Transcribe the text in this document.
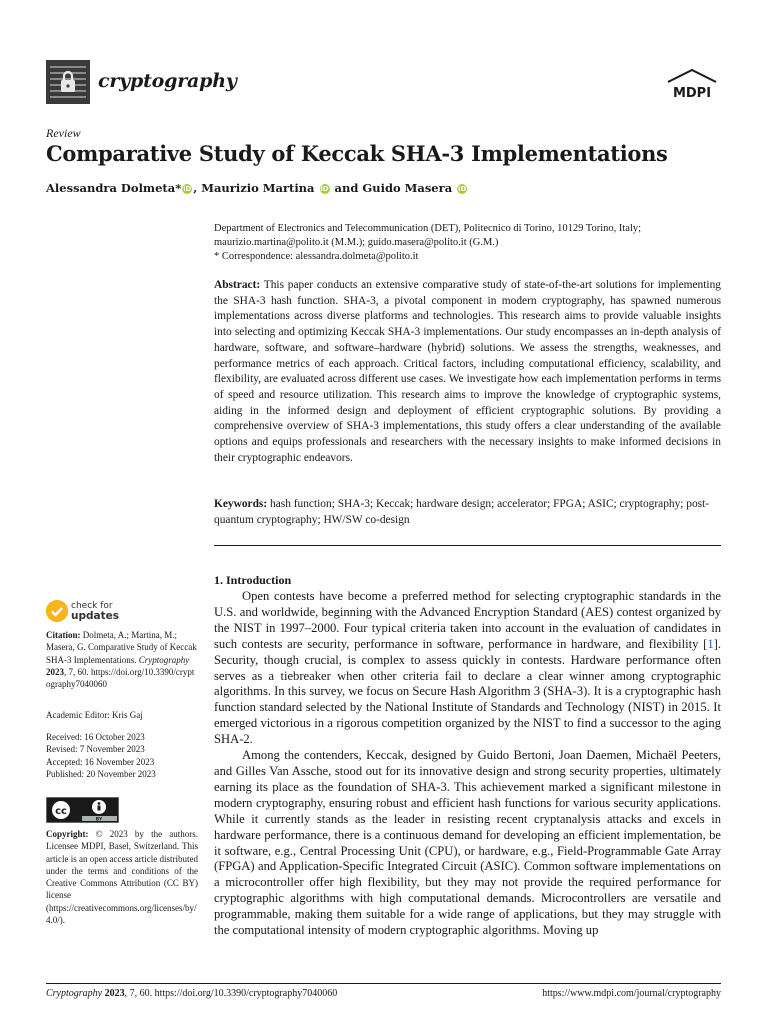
cryptography
MDPI
Review
Comparative Study of Keccak SHA-3 Implementations
Alessandra Dolmeta* iD , Maurizio Martina iD and Guido Masera iD
Department of Electronics and Telecommunication (DET), Politecnico di Torino, 10129 Torino, Italy;
maurizio.martina@polito.it (M.M.); guido.masera@polito.it (G.M.)
* Correspondence: alessandra.dolmeta@polito.it
Abstract: This paper conducts an extensive comparative study of state-of-the-art solutions for implementing the SHA-3 hash function. SHA-3, a pivotal component in modern cryptography, has spawned numerous implementations across diverse platforms and technologies. This research aims to provide valuable insights into selecting and optimizing Keccak SHA-3 implementations. Our study encompasses an in-depth analysis of hardware, software, and software–hardware (hybrid) solutions. We assess the strengths, weaknesses, and performance metrics of each approach. Critical factors, including computational efficiency, scalability, and flexibility, are evaluated across different use cases. We investigate how each implementation performs in terms of speed and resource utilization. This research aims to improve the knowledge of cryptographic systems, aiding in the informed design and deployment of efficient cryptographic solutions. By providing a comprehensive overview of SHA-3 implementations, this study offers a clear understanding of the available options and equips professionals and researchers with the necessary insights to make informed decisions in their cryptographic endeavors.
Keywords: hash function; SHA-3; Keccak; hardware design; accelerator; FPGA; ASIC; cryptography; post-quantum cryptography; HW/SW co-design
1. Introduction

Open contests have become a preferred method for selecting cryptographic standards in the U.S. and worldwide, beginning with the Advanced Encryption Standard (AES) contest organized by the NIST in 1997–2000. Four typical criteria taken into account in the evaluation of candidates in such contests are security, performance in software, performance in hardware, and flexibility [1]. Security, though crucial, is complex to assess quickly in contests. Hardware performance often serves as a tiebreaker when other criteria fail to declare a clear winner among cryptographic algorithms. In this survey, we focus on Secure Hash Algorithm 3 (SHA-3). It is a cryptographic hash function standard selected by the National Institute of Standards and Technology (NIST) in 2015. It emerged victorious in a rigorous competition organized by the NIST to find a successor to the aging SHA-2.

Among the contenders, Keccak, designed by Guido Bertoni, Joan Daemen, Michaël Peeters, and Gilles Van Assche, stood out for its innovative design and strong security properties, ultimately earning its place as the foundation of SHA-3. This achievement marked a significant milestone in modern cryptography, ensuring robust and efficient hash functions for various security applications. While it currently stands as the leader in resisting recent cryptanalysis attacks and excels in hardware performance, there is a continuous demand for developing an efficient implementation, be it software, e.g., Central Processing Unit (CPU), or hardware, e.g., Field-Programmable Gate Array (FPGA) and Application-Specific Integrated Circuit (ASIC). Common software implementations on a microcontroller offer high flexibility, but they may not provide the required performance for cryptographic algorithms with high computational demands. Microcontrollers are versatile and programmable, making them suitable for a wide range of applications, but they may struggle with the computational intensity of modern cryptographic algorithms. Moving up

check for
updates
Citation: Dolmeta, A.; Martina, M.; Masera, G. Comparative Study of Keccak SHA-3 Implementations. Cryptography 2023, 7, 60. https://doi.org/10.3390/cryptography7040060
Academic Editor: Kris Gaj
Received: 16 October 2023
Revised: 7 November 2023
Accepted: 16 November 2023
Published: 20 November 2023
cc
BY
Copyright: © 2023 by the authors. Licensee MDPI, Basel, Switzerland. This article is an open access article distributed under the terms and conditions of the Creative Commons Attribution (CC BY) license (https://creativecommons.org/licenses/by/4.0/).
Cryptography 2023, 7, 60. https://doi.org/10.3390/cryptography7040060	https://www.mdpi.com/journal/cryptography
